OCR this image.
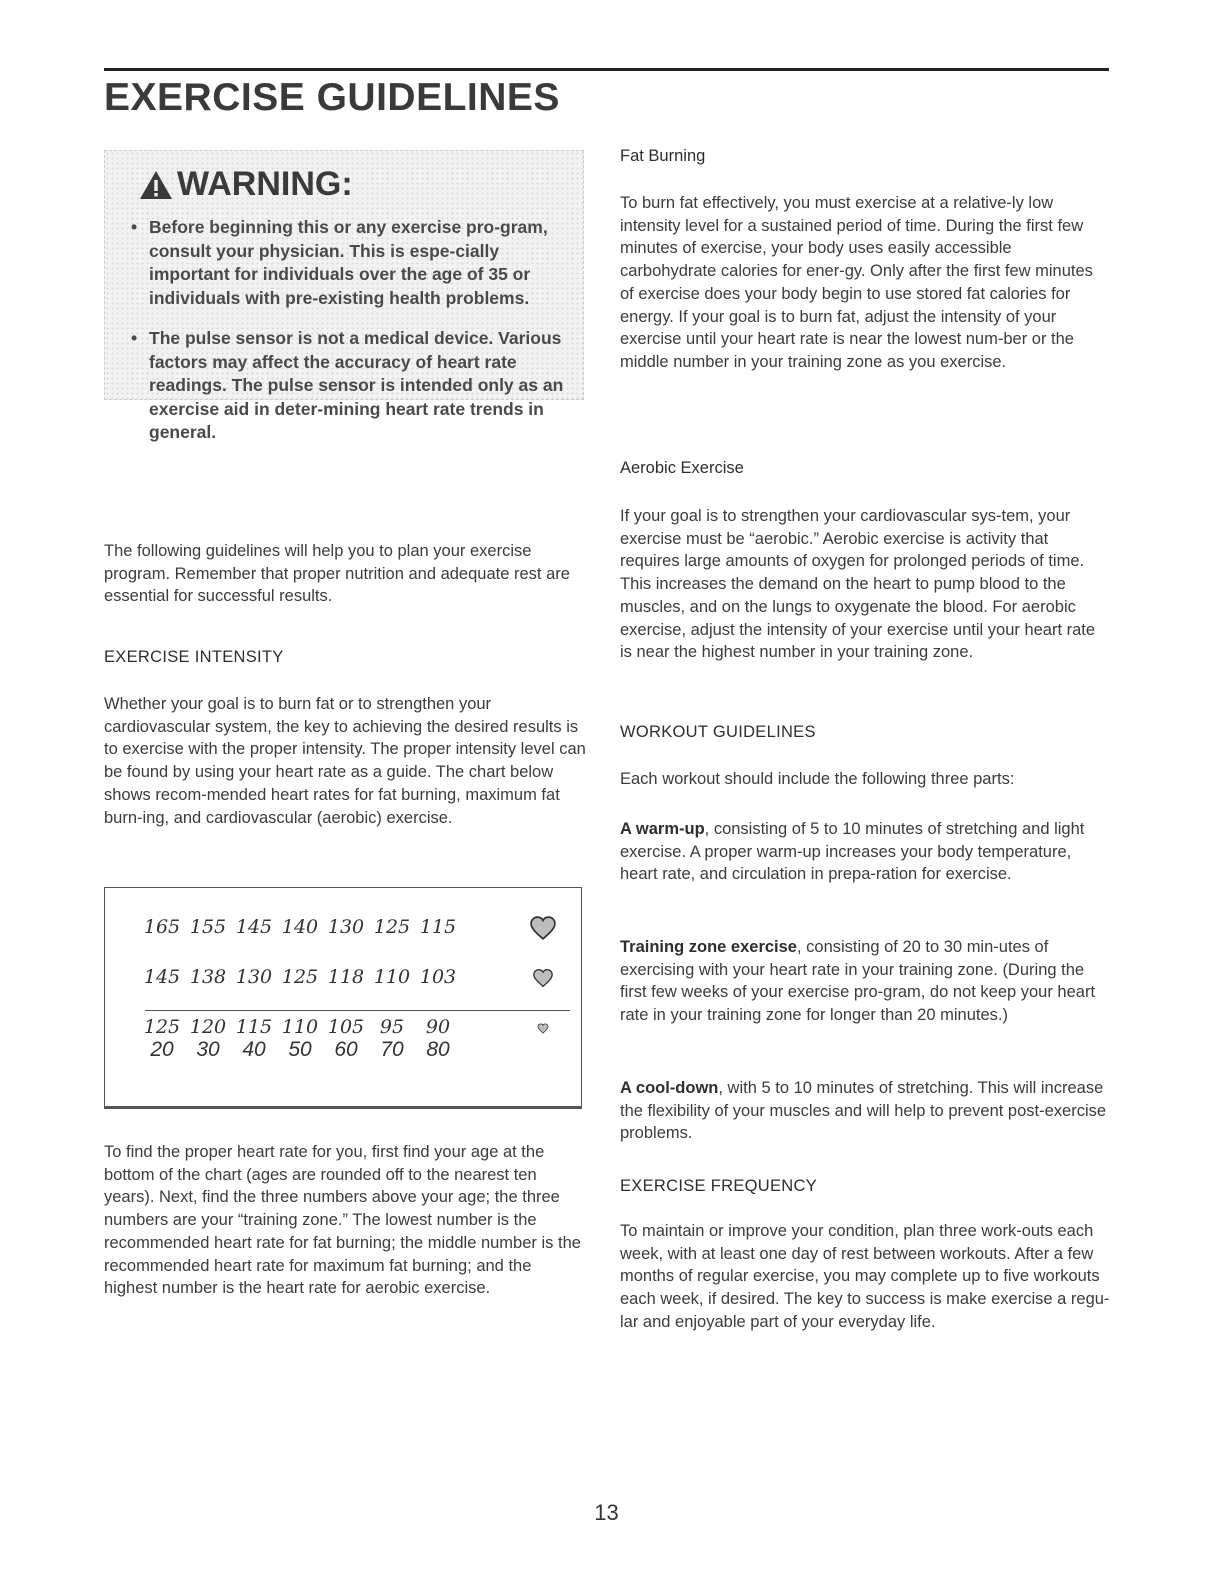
EXERCISE GUIDELINES
WARNING:
• Before beginning this or any exercise pro-gram, consult your physician. This is espe-cially important for individuals over the age of 35 or individuals with pre-existing health problems.
• The pulse sensor is not a medical device. Various factors may affect the accuracy of heart rate readings. The pulse sensor is intended only as an exercise aid in deter-mining heart rate trends in general.

The following guidelines will help you to plan your exercise program. Remember that proper nutrition and adequate rest are essential for successful results.

EXERCISE INTENSITY

Whether your goal is to burn fat or to strengthen your cardiovascular system, the key to achieving the desired results is to exercise with the proper intensity. The proper intensity level can be found by using your heart rate as a guide. The chart below shows recom-mended heart rates for fat burning, maximum fat burn-ing, and cardiovascular (aerobic) exercise.

165 155 145 140 130 125 115
145 138 130 125 118 110 103
125 120 115 110 105 95 90
20 30 40 50 60 70 80

To find the proper heart rate for you, first find your age at the bottom of the chart (ages are rounded off to the nearest ten years). Next, find the three numbers above your age; the three numbers are your “training zone.” The lowest number is the recommended heart rate for fat burning; the middle number is the recommended heart rate for maximum fat burning; and the highest number is the heart rate for aerobic exercise.

Fat Burning

To burn fat effectively, you must exercise at a relative-ly low intensity level for a sustained period of time. During the first few minutes of exercise, your body uses easily accessible carbohydrate calories for ener-gy. Only after the first few minutes of exercise does your body begin to use stored fat calories for energy. If your goal is to burn fat, adjust the intensity of your exercise until your heart rate is near the lowest num-ber or the middle number in your training zone as you exercise.

Aerobic Exercise

If your goal is to strengthen your cardiovascular sys-tem, your exercise must be “aerobic.” Aerobic exercise is activity that requires large amounts of oxygen for prolonged periods of time. This increases the demand on the heart to pump blood to the muscles, and on the lungs to oxygenate the blood. For aerobic exercise, adjust the intensity of your exercise until your heart rate is near the highest number in your training zone.

WORKOUT GUIDELINES

Each workout should include the following three parts:

A warm-up, consisting of 5 to 10 minutes of stretching and light exercise. A proper warm-up increases your body temperature, heart rate, and circulation in prepa-ration for exercise.

Training zone exercise, consisting of 20 to 30 min-utes of exercising with your heart rate in your training zone. (During the first few weeks of your exercise pro-gram, do not keep your heart rate in your training zone for longer than 20 minutes.)

A cool-down, with 5 to 10 minutes of stretching. This will increase the flexibility of your muscles and will help to prevent post-exercise problems.

EXERCISE FREQUENCY

To maintain or improve your condition, plan three work-outs each week, with at least one day of rest between workouts. After a few months of regular exercise, you may complete up to five workouts each week, if desired. The key to success is make exercise a regu-lar and enjoyable part of your everyday life.

13
